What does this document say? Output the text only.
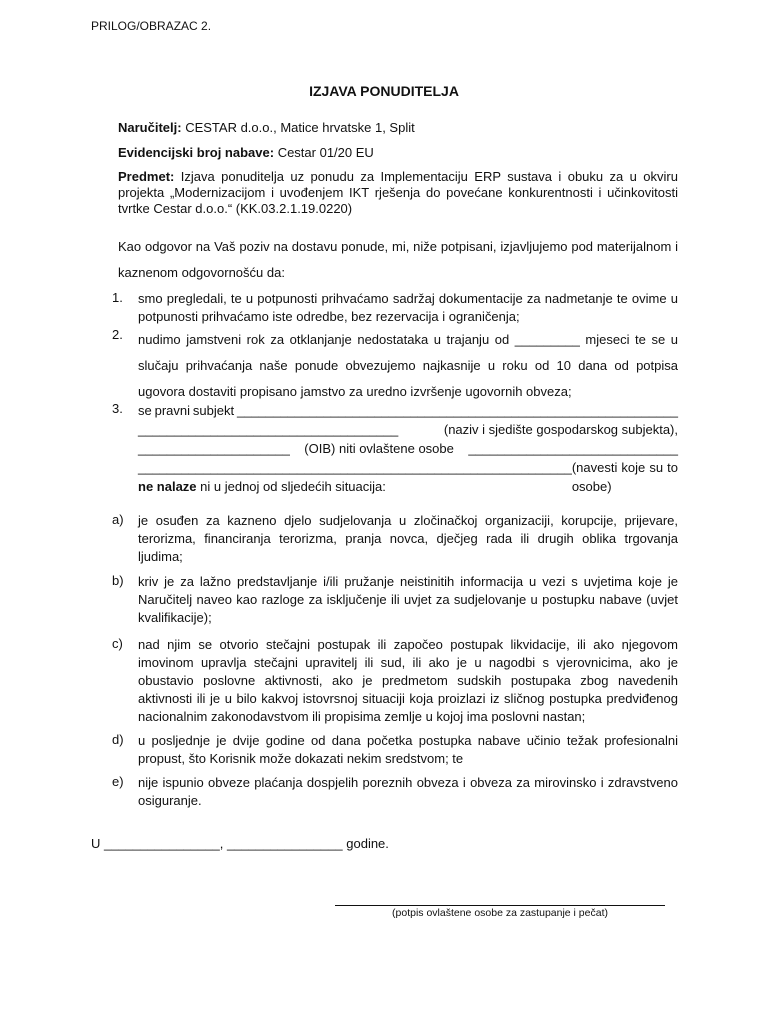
PRILOG/OBRAZAC 2.
IZJAVA PONUDITELJA
Naručitelj: CESTAR d.o.o., Matice hrvatske 1, Split
Evidencijski broj nabave: Cestar 01/20 EU
Predmet: Izjava ponuditelja uz ponudu za Implementaciju ERP sustava i obuku za u okviru projekta „Modernizacijom i uvođenjem IKT rješenja do povećane konkurentnosti i učinkovitosti tvrtke Cestar d.o.o.“ (KK.03.2.1.19.0220)
Kao odgovor na Vaš poziv na dostavu ponude, mi, niže potpisani, izjavljujemo pod materijalnom i kaznenom odgovornošću da:
1.	smo pregledali, te u potpunosti prihvaćamo sadržaj dokumentacije za nadmetanje te ovime u potpunosti prihvaćamo iste odredbe, bez rezervacija i ograničenja;
2.	nudimo jamstveni rok za otklanjanje nedostataka u trajanju od _________ mjeseci te se u slučaju prihvaćanja naše ponude obvezujemo najkasnije u roku od 10 dana od potpisa ugovora dostaviti propisano jamstvo za uredno izvršenje ugovornih obveza;
3.	se pravni subjekt _____________________________________________________________
____________________________________	(naziv i sjedište gospodarskog subjekta),
_____________________ (OIB) niti ovlaštene osobe _____________________________
____________________________________________________________ (navesti koje su to osobe)
ne nalaze ni u jednoj od sljedećih situacija:
a)	je osuđen za kazneno djelo sudjelovanja u zločinačkoj organizaciji, korupcije, prijevare, terorizma, financiranja terorizma, pranja novca, dječjeg rada ili drugih oblika trgovanja ljudima;
b)	kriv je za lažno predstavljanje i/ili pružanje neistinitih informacija u vezi s uvjetima koje je Naručitelj naveo kao razloge za isključenje ili uvjet za sudjelovanje u postupku nabave (uvjet kvalifikacije);
c)	nad njim se otvorio stečajni postupak ili započeo postupak likvidacije, ili ako njegovom imovinom upravlja stečajni upravitelj ili sud, ili ako je u nagodbi s vjerovnicima, ako je obustavio poslovne aktivnosti, ako je predmetom sudskih postupaka zbog navedenih aktivnosti ili je u bilo kakvoj istovrsnoj situaciji koja proizlazi iz sličnog postupka predviđenog nacionalnim zakonodavstvom ili propisima zemlje u kojoj ima poslovni nastan;
d)	u posljednje je dvije godine od dana početka postupka nabave učinio težak profesionalni propust, što Korisnik može dokazati nekim sredstvom; te
e)	nije ispunio obveze plaćanja dospjelih poreznih obveza i obveza za mirovinsko i zdravstveno osiguranje.
U ________________, ________________ godine.
(potpis ovlaštene osobe za zastupanje i pečat)
